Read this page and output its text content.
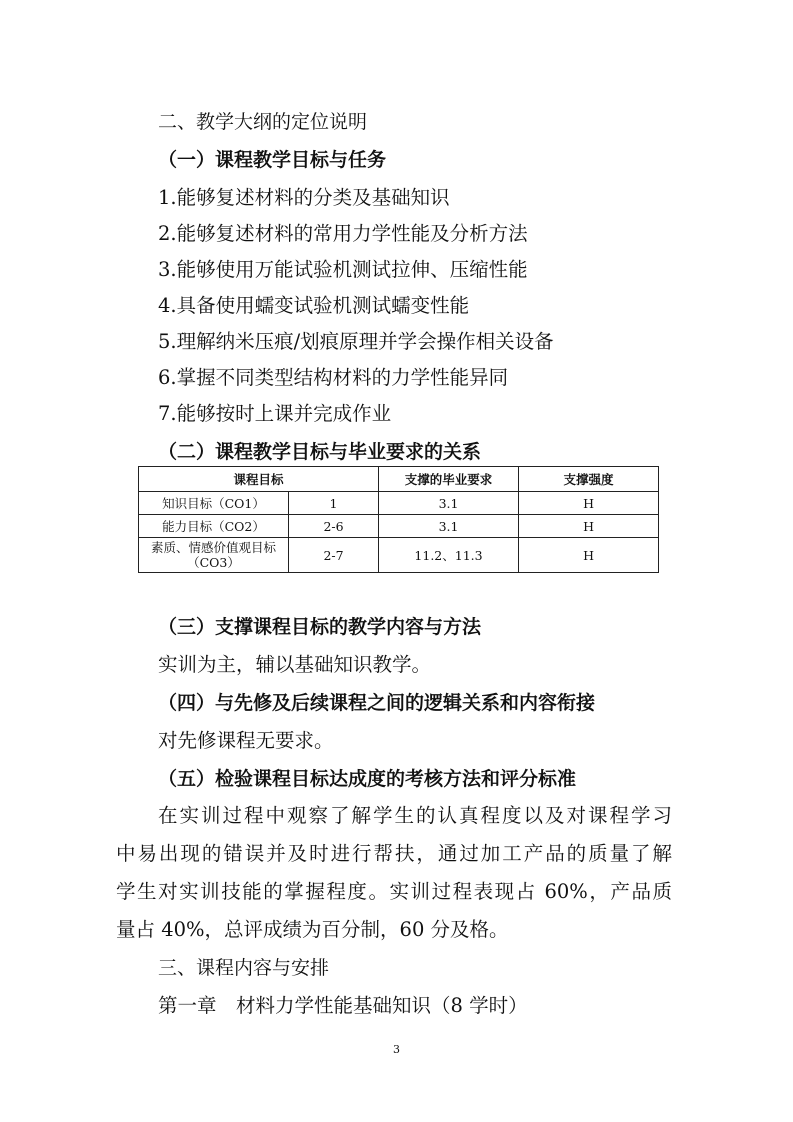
二、教学大纲的定位说明
（一）课程教学目标与任务
1.能够复述材料的分类及基础知识
2.能够复述材料的常用力学性能及分析方法
3.能够使用万能试验机测试拉伸、压缩性能
4.具备使用蠕变试验机测试蠕变性能
5.理解纳米压痕/划痕原理并学会操作相关设备
6.掌握不同类型结构材料的力学性能异同
7.能够按时上课并完成作业
（二）课程教学目标与毕业要求的关系
课程目标		支撑的毕业要求	支撑强度
知识目标（CO1）	1	3.1	H
能力目标（CO2）	2-6	3.1	H
素质、情感价值观目标（CO3）	2-7	11.2、11.3	H
（三）支撑课程目标的教学内容与方法
实训为主，辅以基础知识教学。
（四）与先修及后续课程之间的逻辑关系和内容衔接
对先修课程无要求。
（五）检验课程目标达成度的考核方法和评分标准
在实训过程中观察了解学生的认真程度以及对课程学习
中易出现的错误并及时进行帮扶，通过加工产品的质量了解
学生对实训技能的掌握程度。实训过程表现占 60%，产品质
量占 40%，总评成绩为百分制，60 分及格。
三、课程内容与安排
第一章　材料力学性能基础知识（8 学时）
3
